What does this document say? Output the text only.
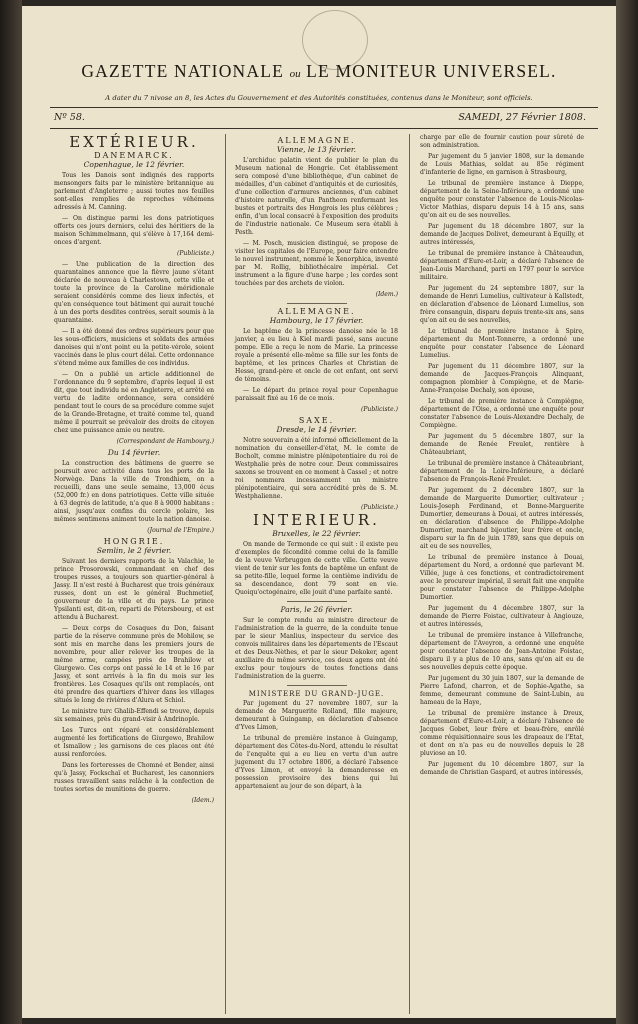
GAZETTE NATIONALE ou LE MONITEUR UNIVERSEL.
A dater du 7 nivose an 8, les Actes du Gouvernement et des Autorités constituées, contenus dans le Moniteur, sont officiels.
Nº 58.	SAMEDI, 27 Février 1808.
EXTÉRIEUR.
DANEMARCK.
Copenhague, le 12 février.

Tous les Danois sont indignés des rapports mensongers faits par le ministère britannique au parlement d'Angleterre ; aussi toutes nos feuilles sont-elles remplies de reproches véhémens adressés à M. Canning.

— On distingue parmi les dons patriotiques offerts ces jours derniers, celui des héritiers de la maison Schimmelmann, qui s'élève à 17,164 demi-onces d'argent.

(Publiciste.)

— Une publication de la direction des quarantaines annonce que la fièvre jaune s'étant déclarée de nouveau à Charlestown, cette ville et toute la province de la Caroline méridionale seraient considérés comme des lieux infectés, et qu'en conséquence tout bâtiment qui aurait touché à un des ports desdites contrées, serait soumis à la quarantaine.

— Il a été donné des ordres supérieurs pour que les sous-officiers, musiciens et soldats des armées danoises qui n'ont point eu la petite-vérole, soient vaccinés dans le plus court délai. Cette ordonnance s'étend même aux familles de ces individus.

— On a publié un article additionnel de l'ordonnance du 9 septembre, d'après lequel il est dit, que tout individu né en Angleterre, et arrêté en vertu de ladite ordonnance, sera considéré pendant tout le cours de sa procédure comme sujet de la Grande-Bretagne, et traité comme tel, quand même il pourrait se prévaloir des droits de citoyen chez une puissance amie ou neutre.

(Correspondant de Hambourg.)
Du 14 février.

La construction des bâtimens de guerre se poursuit avec activité dans tous les ports de la Norwège. Dans la ville de Trondhiem, on a recueilli, dans une seule semaine, 13,000 écus (52,000 fr.) en dons patriotiques. Cette ville située à 63 degrés de latitude, n'a que 8 à 9000 habitans : ainsi, jusqu'aux confins du cercle polaire, les mêmes sentimens animent toute la nation danoise.

(Journal de l'Empire.)
HONGRIE.
Semlin, le 2 février.

Suivant les derniers rapports de la Valachie, le prince Prosorowski, commandant en chef des troupes russes, a toujours son quartier-général à Jassy. Il n'est resté à Bucharest que trois généraux russes, dont un est le général Buchmetief, gouverneur de la ville et du pays. Le prince Ypsilanti est, dit-on, reparti de Pétersbourg, et est attendu à Bucharest.

— Deux corps de Cosaques du Don, faisant partie de la réserve commune près de Mohilow, se sont mis en marche dans les premiers jours de novembre, pour aller relever les troupes de la même arme, campées près de Brahilow et Giurgewo. Ces corps ont passé le 14 et le 16 par Jassy, et sont arrivés à la fin du mois sur les frontières. Les Cosaques qu'ils ont remplacés, ont été prendre des quartiers d'hiver dans les villages situés le long de rivières d'Alura et Schiol.

Le ministre turc Ghalib-Effendi se trouve, depuis six semaines, près du grand-visir à Andrinople.

Les Turcs ont réparé et considérablement augmenté les fortifications de Giurgewo, Brahilow et Ismaïlow ; les garnisons de ces places ont été aussi renforcées.

Dans les forteresses de Chomné et Bender, ainsi qu'à Jassy, Fockschaï et Bucharest, les canonniers russes travaillent sans relâche à la confection de toutes sortes de munitions de guerre.

(Idem.)
ALLEMAGNE.
Vienne, le 13 février.

L'archiduc palatin vient de publier le plan du Museum national de Hongrie. Cet établissement sera composé d'une bibliothèque, d'un cabinet de médailles, d'un cabinet d'antiquités et de curiosités, d'une collection d'armures anciennes, d'un cabinet d'histoire naturelle, d'un Pantheon renfermant les bustes et portraits des Hongrois les plus célèbres ; enfin, d'un local consacré à l'exposition des produits de l'industrie nationale. Ce Museum sera établi à Pesth.

— M. Posch, musicien distingué, se propose de visiter les capitales de l'Europe, pour faire entendre le nouvel instrument, nommé le Xenorphica, inventé par M. Rollig, bibliothécaire impérial. Cet instrument a la figure d'une harpe ; les cordes sont touchées par des archets de violon.

(Idem.)
ALLEMAGNE.
Hambourg, le 17 février.

Le baptême de la princesse danoise née le 18 janvier, a eu lieu à Kiel mardi passé, sans aucune pompe. Elle a reçu le nom de Marie. La princesse royale a présenté elle-même sa fille sur les fonts de baptême, et les princes Charles et Christian de Hesse, grand-père et oncle de cet enfant, ont servi de témoins.

— Le départ du prince royal pour Copenhague paraissait fixé au 16 de ce mois.

(Publiciste.)
SAXE.
Dresde, le 14 février.

Notre souverain a été informé officiellement de la nomination du conseiller-d'état, M. le comte de Bocholt, comme ministre plénipotentiaire du roi de Westphalie près de notre cour. Deux commissaires saxons se trouvent en ce moment à Cassel ; et notre roi nommera incessamment un ministre plénipotentiaire, qui sera accrédité près de S. M. Westphalienne.

(Publiciste.)
INTERIEUR.
Bruxelles, le 22 février.

On mande de Termonde ce qui suit : il existe peu d'exemples de fécondité comme celui de la famille de la veuve Verbruggen de cette ville. Cette veuve vient de tenir sur les fonts de baptême un enfant de sa petite-fille, lequel forme la centième individu de sa descendance, dont 79 sont en vie. Quoiqu'octogénaire, elle jouit d'une parfaite santé.

Paris, le 26 février.

Sur le compte rendu au ministre directeur de l'administration de la guerre, de la conduite tenue par le sieur Manlius, inspecteur du service des convois militaires dans les départements de l'Escaut et des Deux-Nèthes, et par le sieur Dekoker, agent auxiliaire du même service, ces deux agens ont été exclus pour toujours de toutes fonctions dans l'administration de la guerre.

MINISTERE DU GRAND-JUGE.

Par jugement du 27 novembre 1807, sur la demande de Marguerite Rolland, fille majeure, demeurant à Guingamp, en déclaration d'absence d'Yves Limon,

Le tribunal de première instance à Guingamp, département des Côtes-du-Nord, attendu le résultat de l'enquête qui a eu lieu en vertu d'un autre jugement du 17 octobre 1806, a déclaré l'absence d'Yves Limon, et envoyé la demanderesse en possession provisoire des biens qui lui appartenaient au jour de son départ, à la

charge par elle de fournir caution pour sûreté de son administration.

Par jugement du 5 janvier 1808, sur la demande de Louis Mathias, soldat au 85e régiment d'infanterie de ligne, en garnison à Strasbourg,

Le tribunal de première instance à Dieppe, département de la Seine-Inférieure, a ordonné une enquête pour constater l'absence de Louis-Nicolas-Victor Mathias, disparu depuis 14 à 15 ans, sans qu'on ait eu de ses nouvelles.

Par jugement du 18 décembre 1807, sur la demande de Jacques Dolivet, demeurant à Equilly, et autres intéressés,

Le tribunal de première instance à Châteaudun, département d'Eure-et-Loir, a déclaré l'absence de Jean-Louis Marchand, parti en 1797 pour le service militaire.

Par jugement du 24 septembre 1807, sur la demande de Henri Lumelius, cultivateur à Kallstedt, en déclaration d'absence de Léonard Lumelius, son frère consanguin, disparu depuis trente-six ans, sans qu'on ait eu de ses nouvelles,

Le tribunal de première instance à Spire, département du Mont-Tonnerre, a ordonné une enquête pour constater l'absence de Léonard Lumelius.

Par jugement du 11 décembre 1807, sur la demande de Jacques-François Alinquant, compagnon plombier à Compiègne, et de Marie-Anne-Françoise Dechaly, son épouse,

Le tribunal de première instance à Compiègne, département de l'Oise, a ordonné une enquête pour constater l'absence de Louis-Alexandre Dechaly, de Compiègne.

Par jugement du 5 décembre 1807, sur la demande de Renée Freulet, rentière à Châteaubriant,

Le tribunal de première instance à Châteaubriant, département de la Loire-Inférieure, a déclaré l'absence de François-René Freulet.

Par jugement du 2 décembre 1807, sur la demande de Marguerite Dumortier, cultivateur ; Louis-Joseph Ferdinand, et Bonne-Marguerite Dumortier, demeurans à Douai, et autres intéressés, en déclaration d'absence de Philippe-Adolphe Dumortier, marchand bijoutier, leur frère et oncle, disparu sur la fin de juin 1789, sans que depuis on ait eu de ses nouvelles,

Le tribunal de première instance à Douai, département du Nord, a ordonné que parlevant M. Villée, juge à ces fonctions, et contradictoirement avec le procureur impérial, il serait fait une enquête pour constater l'absence de Philippe-Adolphe Dumortier.

Par jugement du 4 décembre 1807, sur la demande de Pierre Foistac, cultivateur à Angiouze, et autres intéressés,

Le tribunal de première instance à Villefranche, département de l'Aveyron, a ordonné une enquête pour constater l'absence de Jean-Antoine Foistac, disparu il y a plus de 10 ans, sans qu'on ait eu de ses nouvelles depuis cette époque.

Par jugement du 30 juin 1807, sur la demande de Pierre Lafond, charron, et de Sophie-Agathe, sa femme, demeurant commune de Saint-Lubin, au hameau de la Haye,

Le tribunal de première instance à Dreux, département d'Eure-et-Loir, a déclaré l'absence de Jacques Gobet, leur frère et beau-frère, enrôlé comme réquisitionnaire sous les drapeaux de l'Etat, et dont on n'a pas eu de nouvelles depuis le 28 pluviose an 10.

Par jugement du 10 décembre 1807, sur la demande de Christian Gaspard, et autres intéressés,
